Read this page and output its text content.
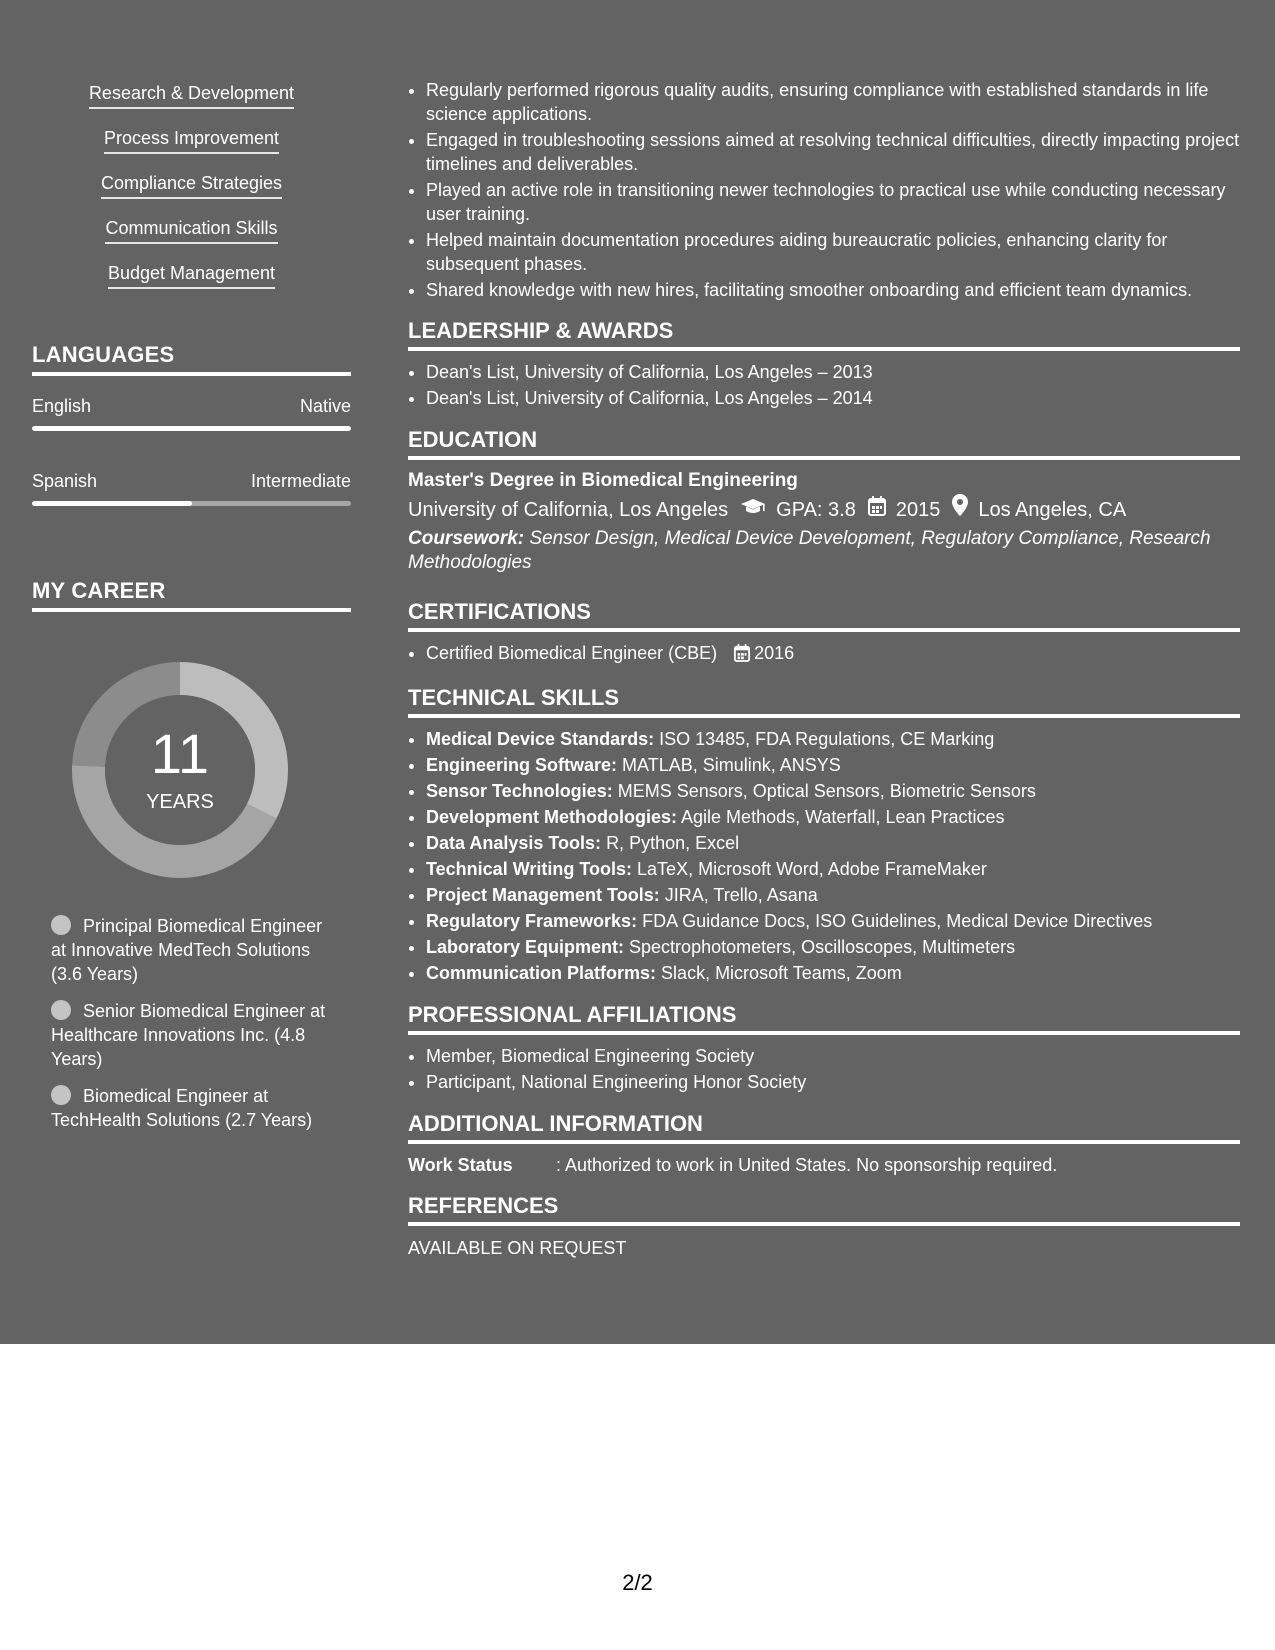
Research & Development
Process Improvement
Compliance Strategies
Communication Skills
Budget Management
LANGUAGES
English	Native
Spanish	Intermediate
MY CAREER
11
YEARS
Principal Biomedical Engineer at Innovative MedTech Solutions (3.6 Years)
Senior Biomedical Engineer at Healthcare Innovations Inc. (4.8 Years)
Biomedical Engineer at TechHealth Solutions (2.7 Years)
• Regularly performed rigorous quality audits, ensuring compliance with established standards in life science applications.
• Engaged in troubleshooting sessions aimed at resolving technical difficulties, directly impacting project timelines and deliverables.
• Played an active role in transitioning newer technologies to practical use while conducting necessary user training.
• Helped maintain documentation procedures aiding bureaucratic policies, enhancing clarity for subsequent phases.
• Shared knowledge with new hires, facilitating smoother onboarding and efficient team dynamics.
LEADERSHIP & AWARDS
• Dean's List, University of California, Los Angeles – 2013
• Dean's List, University of California, Los Angeles – 2014
EDUCATION
Master's Degree in Biomedical Engineering
University of California, Los Angeles GPA: 3.8 2015 Los Angeles, CA
Coursework: Sensor Design, Medical Device Development, Regulatory Compliance, Research Methodologies
CERTIFICATIONS
• Certified Biomedical Engineer (CBE) 2016
TECHNICAL SKILLS
• Medical Device Standards: ISO 13485, FDA Regulations, CE Marking
• Engineering Software: MATLAB, Simulink, ANSYS
• Sensor Technologies: MEMS Sensors, Optical Sensors, Biometric Sensors
• Development Methodologies: Agile Methods, Waterfall, Lean Practices
• Data Analysis Tools: R, Python, Excel
• Technical Writing Tools: LaTeX, Microsoft Word, Adobe FrameMaker
• Project Management Tools: JIRA, Trello, Asana
• Regulatory Frameworks: FDA Guidance Docs, ISO Guidelines, Medical Device Directives
• Laboratory Equipment: Spectrophotometers, Oscilloscopes, Multimeters
• Communication Platforms: Slack, Microsoft Teams, Zoom
PROFESSIONAL AFFILIATIONS
• Member, Biomedical Engineering Society
• Participant, National Engineering Honor Society
ADDITIONAL INFORMATION
Work Status	: Authorized to work in United States. No sponsorship required.
REFERENCES
AVAILABLE ON REQUEST
2/2
